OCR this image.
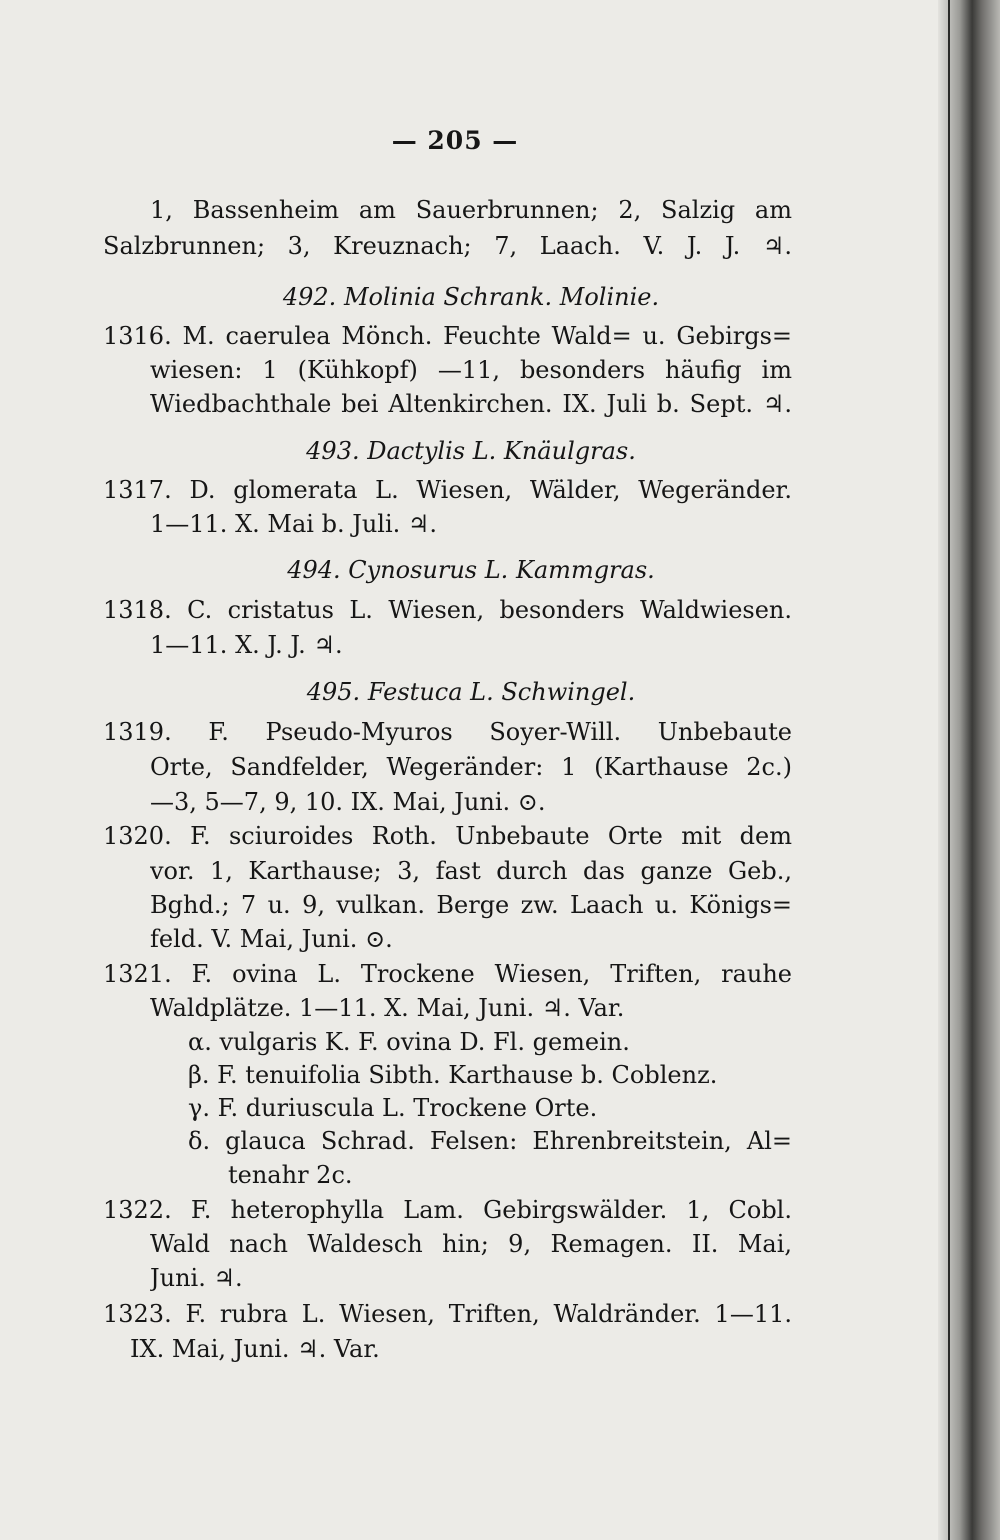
— 205 —
1, Bassenheim am Sauerbrunnen; 2, Salzig am
Salzbrunnen; 3, Kreuznach; 7, Laach. V. J. J. ♃.
492. Molinia Schrank. Molinie.
1316. M. caerulea Mönch. Feuchte Wald= u. Gebirgs=
wiesen: 1 (Kühkopf) —11, besonders häufig im
Wiedbachthale bei Altenkirchen. IX. Juli b. Sept. ♃.
493. Dactylis L. Knäulgras.
1317. D. glomerata L. Wiesen, Wälder, Wegeränder.
1—11. X. Mai b. Juli. ♃.
494. Cynosurus L. Kammgras.
1318. C. cristatus L. Wiesen, besonders Waldwiesen.
1—11. X. J. J. ♃.
495. Festuca L. Schwingel.
1319. F. Pseudo-Myuros Soyer-Will. Unbebaute
Orte, Sandfelder, Wegeränder: 1 (Karthause 2c.)
—3, 5—7, 9, 10. IX. Mai, Juni. ⊙.
1320. F. sciuroides Roth. Unbebaute Orte mit dem
vor. 1, Karthause; 3, fast durch das ganze Geb.,
Bghd.; 7 u. 9, vulkan. Berge zw. Laach u. Königs=
feld. V. Mai, Juni. ⊙.
1321. F. ovina L. Trockene Wiesen, Triften, rauhe
Waldplätze. 1—11. X. Mai, Juni. ♃. Var.
α. vulgaris K. F. ovina D. Fl. gemein.
β. F. tenuifolia Sibth. Karthause b. Coblenz.
γ. F. duriuscula L. Trockene Orte.
δ. glauca Schrad. Felsen: Ehrenbreitstein, Al=
tenahr 2c.
1322. F. heterophylla Lam. Gebirgswälder. 1, Cobl.
Wald nach Waldesch hin; 9, Remagen. II. Mai,
Juni. ♃.
1323. F. rubra L. Wiesen, Triften, Waldränder. 1—11.
IX. Mai, Juni. ♃. Var.
